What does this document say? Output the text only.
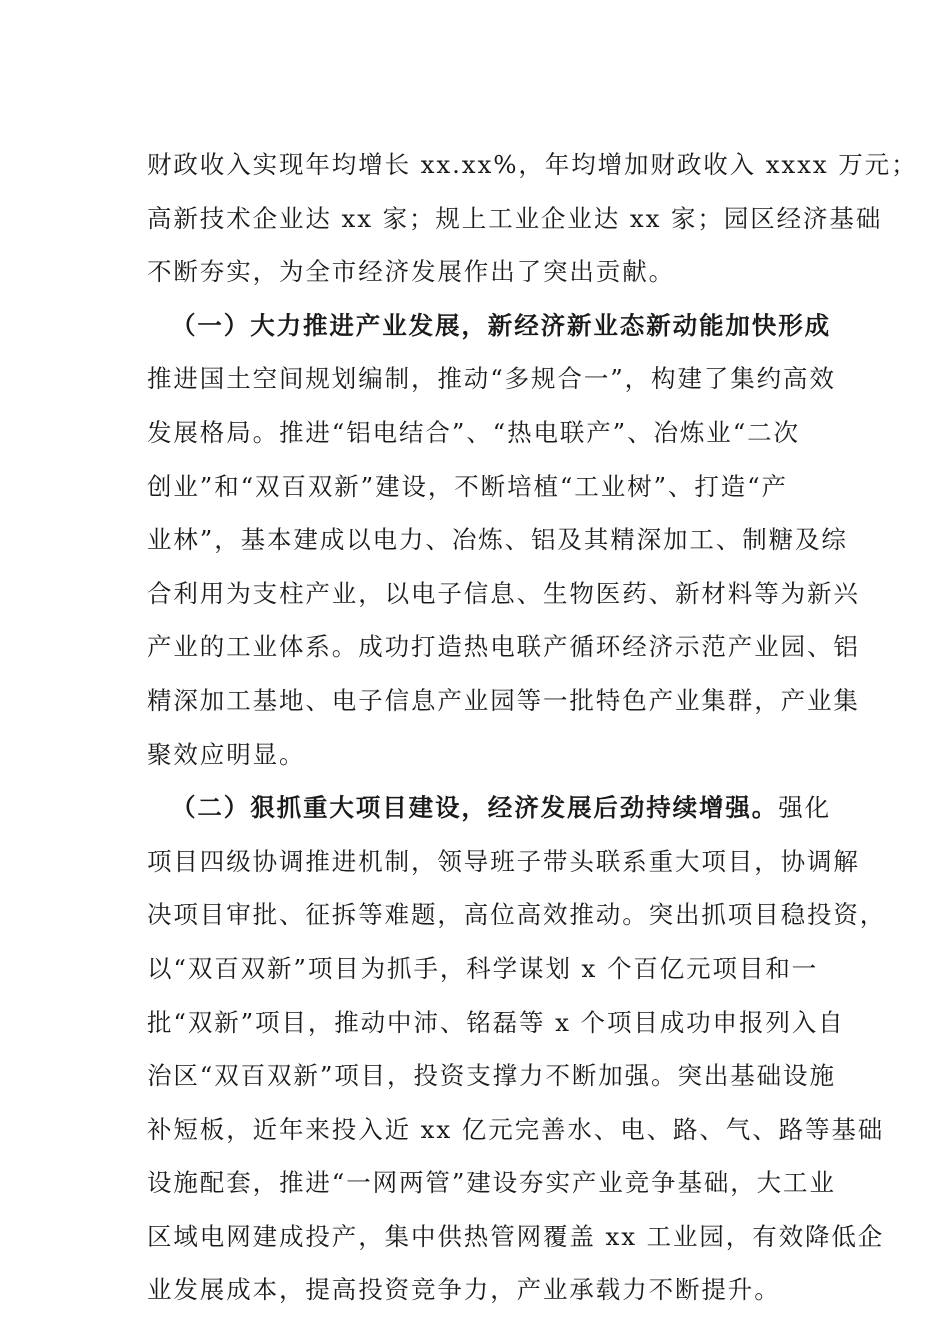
财政收入实现年均增长 xx.xx%，年均增加财政收入 xxxx 万元；
高新技术企业达 xx 家；规上工业企业达 xx 家；园区经济基础
不断夯实，为全市经济发展作出了突出贡献。
（一）大力推进产业发展，新经济新业态新动能加快形成
推进国土空间规划编制，推动“多规合一”，构建了集约高效
发展格局。推进“铝电结合”、“热电联产”、冶炼业“二次
创业”和“双百双新”建设，不断培植“工业树”、打造“产
业林”，基本建成以电力、冶炼、铝及其精深加工、制糖及综
合利用为支柱产业，以电子信息、生物医药、新材料等为新兴
产业的工业体系。成功打造热电联产循环经济示范产业园、铝
精深加工基地、电子信息产业园等一批特色产业集群，产业集
聚效应明显。
（二）狠抓重大项目建设，经济发展后劲持续增强。强化
项目四级协调推进机制，领导班子带头联系重大项目，协调解
决项目审批、征拆等难题，高位高效推动。突出抓项目稳投资，
以“双百双新”项目为抓手，科学谋划 x 个百亿元项目和一
批“双新”项目，推动中沛、铭磊等 x 个项目成功申报列入自
治区“双百双新”项目，投资支撑力不断加强。突出基础设施
补短板，近年来投入近 xx 亿元完善水、电、路、气、路等基础
设施配套，推进“一网两管”建设夯实产业竞争基础，大工业
区域电网建成投产，集中供热管网覆盖 xx 工业园，有效降低企
业发展成本，提高投资竞争力，产业承载力不断提升。
